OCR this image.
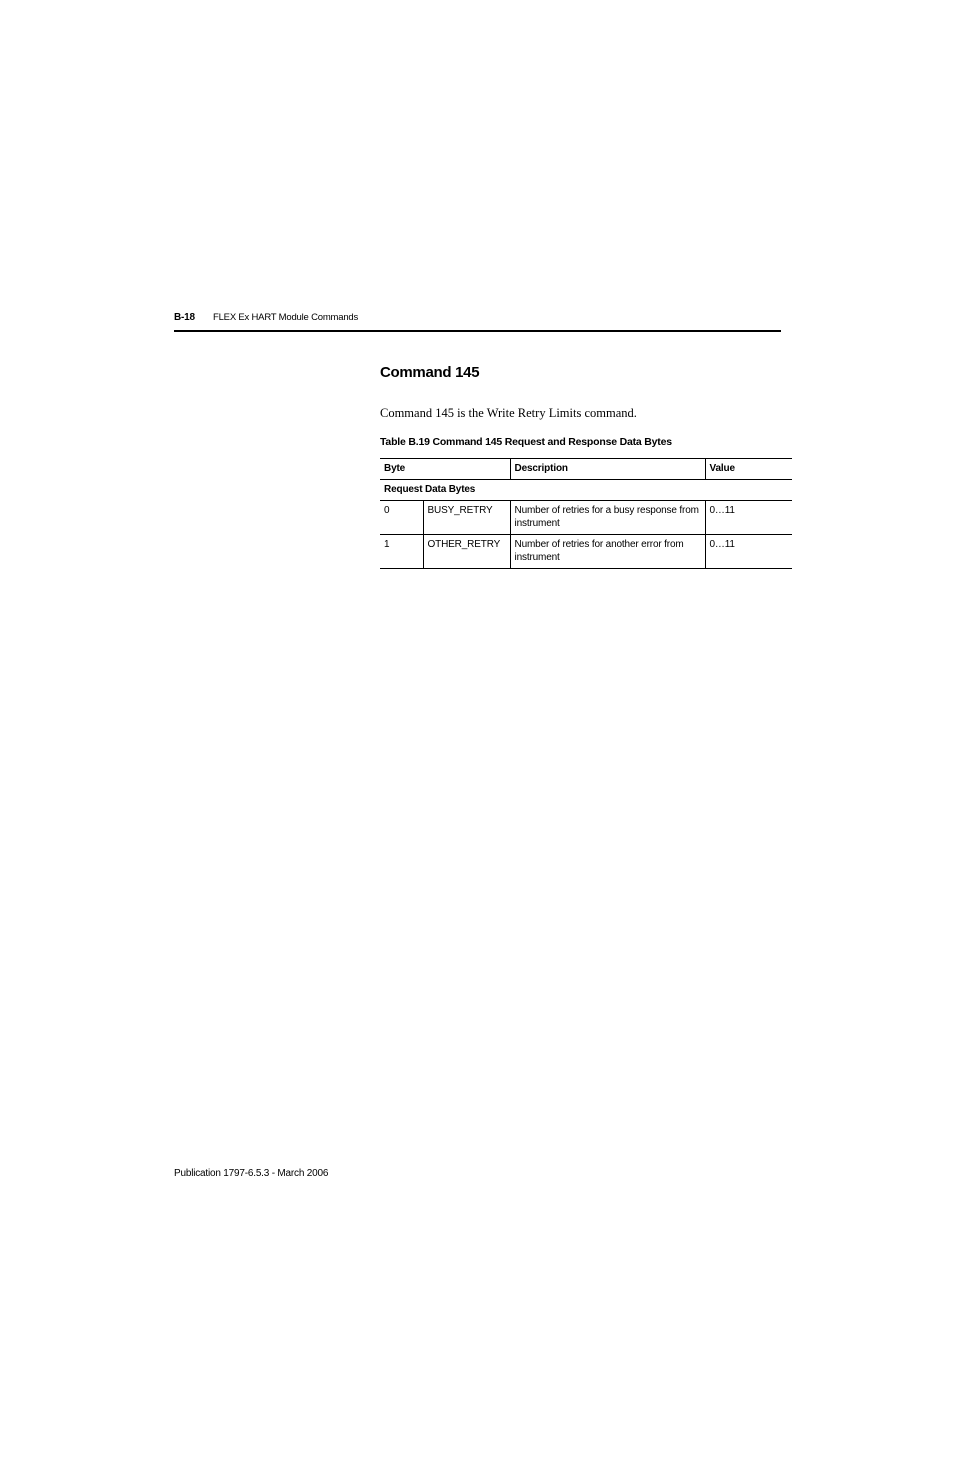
B-18 FLEX Ex HART Module Commands
Command 145
Command 145 is the Write Retry Limits command.
Table B.19 Command 145 Request and Response Data Bytes
Byte		Description	Value
Request Data Bytes			
0	BUSY_RETRY	Number of retries for a busy response from instrument	0…11
1	OTHER_RETRY	Number of retries for another error from instrument	0…11
Publication 1797-6.5.3 - March 2006
